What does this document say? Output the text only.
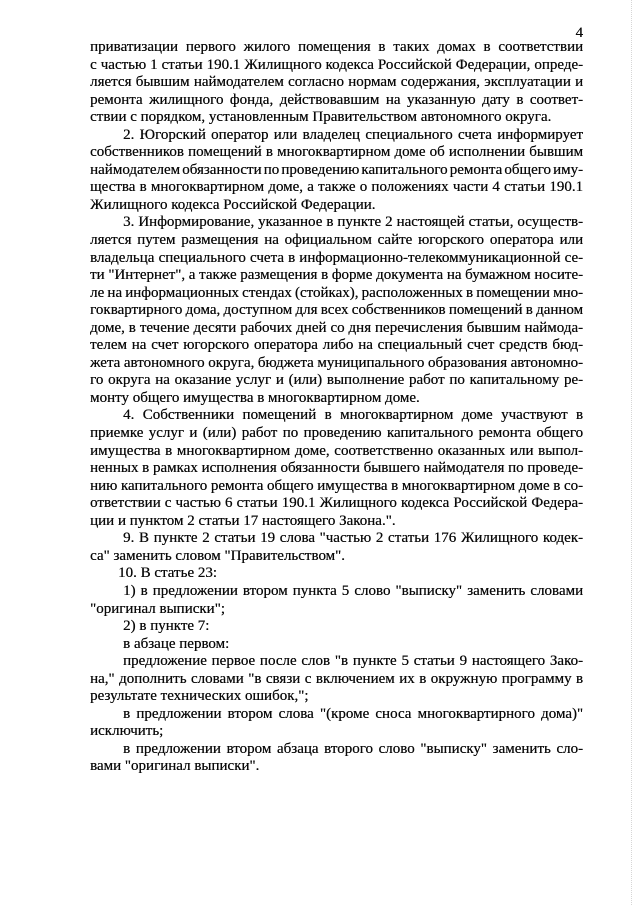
4
приватизации первого жилого помещения в таких домах в соответствии
с частью 1 статьи 190.1 Жилищного кодекса Российской Федерации, опреде-
ляется бывшим наймодателем согласно нормам содержания, эксплуатации и
ремонта жилищного фонда, действовавшим на указанную дату в соответ-
ствии с порядком, установленным Правительством автономного округа.
2. Югорский оператор или владелец специального счета информирует
собственников помещений в многоквартирном доме об исполнении бывшим
наймодателем обязанности по проведению капитального ремонта общего иму-
щества в многоквартирном доме, а также о положениях части 4 статьи 190.1
Жилищного кодекса Российской Федерации.
3. Информирование, указанное в пункте 2 настоящей статьи, осуществ-
ляется путем размещения на официальном сайте югорского оператора или
владельца специального счета в информационно-телекоммуникационной се-
ти "Интернет", а также размещения в форме документа на бумажном носите-
ле на информационных стендах (стойках), расположенных в помещении мно-
гоквартирного дома, доступном для всех собственников помещений в данном
доме, в течение десяти рабочих дней со дня перечисления бывшим наймода-
телем на счет югорского оператора либо на специальный счет средств бюд-
жета автономного округа, бюджета муниципального образования автономно-
го округа на оказание услуг и (или) выполнение работ по капитальному ре-
монту общего имущества в многоквартирном доме.
4. Собственники помещений в многоквартирном доме участвуют в
приемке услуг и (или) работ по проведению капитального ремонта общего
имущества в многоквартирном доме, соответственно оказанных или выпол-
ненных в рамках исполнения обязанности бывшего наймодателя по проведе-
нию капитального ремонта общего имущества в многоквартирном доме в со-
ответствии с частью 6 статьи 190.1 Жилищного кодекса Российской Федера-
ции и пунктом 2 статьи 17 настоящего Закона.".
9. В пункте 2 статьи 19 слова "частью 2 статьи 176 Жилищного кодек-
са" заменить словом "Правительством".
10. В статье 23:
1) в предложении втором пункта 5 слово "выписку" заменить словами
"оригинал выписки";
2) в пункте 7:
в абзаце первом:
предложение первое после слов "в пункте 5 статьи 9 настоящего Зако-
на," дополнить словами "в связи с включением их в окружную программу в
результате технических ошибок,";
в предложении втором слова "(кроме сноса многоквартирного дома)"
исключить;
в предложении втором абзаца второго слово "выписку" заменить сло-
вами "оригинал выписки".
